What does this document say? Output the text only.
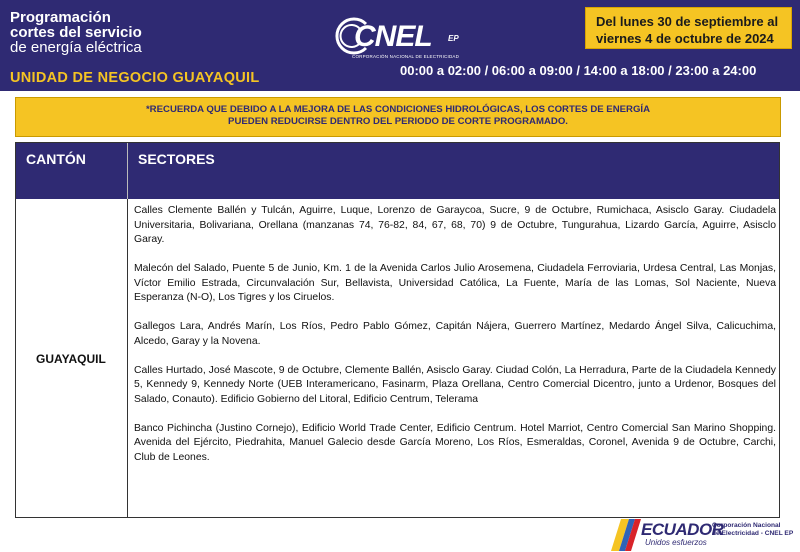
Programación
cortes del servicio
de energía eléctrica
UNIDAD DE NEGOCIO GUAYAQUIL
CNEL EP
CORPORACIÓN NACIONAL DE ELECTRICIDAD
Del lunes 30 de septiembre al
viernes 4 de octubre de 2024
00:00 a 02:00 / 06:00 a 09:00 / 14:00 a 18:00 / 23:00 a 24:00
*RECUERDA QUE DEBIDO A LA MEJORA DE LAS CONDICIONES HIDROLÓGICAS, LOS CORTES DE ENERGÍA
PUEDEN REDUCIRSE DENTRO DEL PERIODO DE CORTE PROGRAMADO.
CANTÓN	SECTORES
GUAYAQUIL

Calles Clemente Ballén y Tulcán, Aguirre, Luque, Lorenzo de Garaycoa, Sucre, 9 de Octubre, Rumichaca, Asisclo Garay. Ciudadela Universitaria, Bolivariana, Orellana (manzanas 74, 76-82, 84, 67, 68, 70) 9 de Octubre, Tungurahua, Lizardo García, Aguirre, Asisclo Garay.

Malecón del Salado, Puente 5 de Junio, Km. 1 de la Avenida Carlos Julio Arosemena, Ciudadela Ferroviaria, Urdesa Central, Las Monjas, Víctor Emilio Estrada, Circunvalación Sur, Bellavista, Universidad Católica, La Fuente, María de las Lomas, Sol Naciente, Nueva Esperanza (N-O), Los Tigres y los Ciruelos.

Gallegos Lara, Andrés Marín, Los Ríos, Pedro Pablo Gómez, Capitán Nájera, Guerrero Martínez, Medardo Ángel Silva, Calicuchima, Alcedo, Garay y la Novena.

Calles Hurtado, José Mascote, 9 de Octubre, Clemente Ballén, Asisclo Garay. Ciudad Colón, La Herradura, Parte de la Ciudadela Kennedy 5, Kennedy 9, Kennedy Norte (UEB Interamericano, Fasinarm, Plaza Orellana, Centro Comercial Dicentro, junto a Urdenor, Bosques del Salado, Conauto). Edificio Gobierno del Litoral, Edificio Centrum, Telerama

Banco Pichincha (Justino Cornejo), Edificio World Trade Center, Edificio Centrum. Hotel Marriot, Centro Comercial San Marino Shopping. Avenida del Ejército, Piedrahita, Manuel Galecio desde García Moreno, Los Ríos, Esmeraldas, Coronel, Avenida 9 de Octubre, Carchi, Club de Leones.

ECUADOR
Unidos esfuerzos
Corporación Nacional
de Electricidad - CNEL EP
